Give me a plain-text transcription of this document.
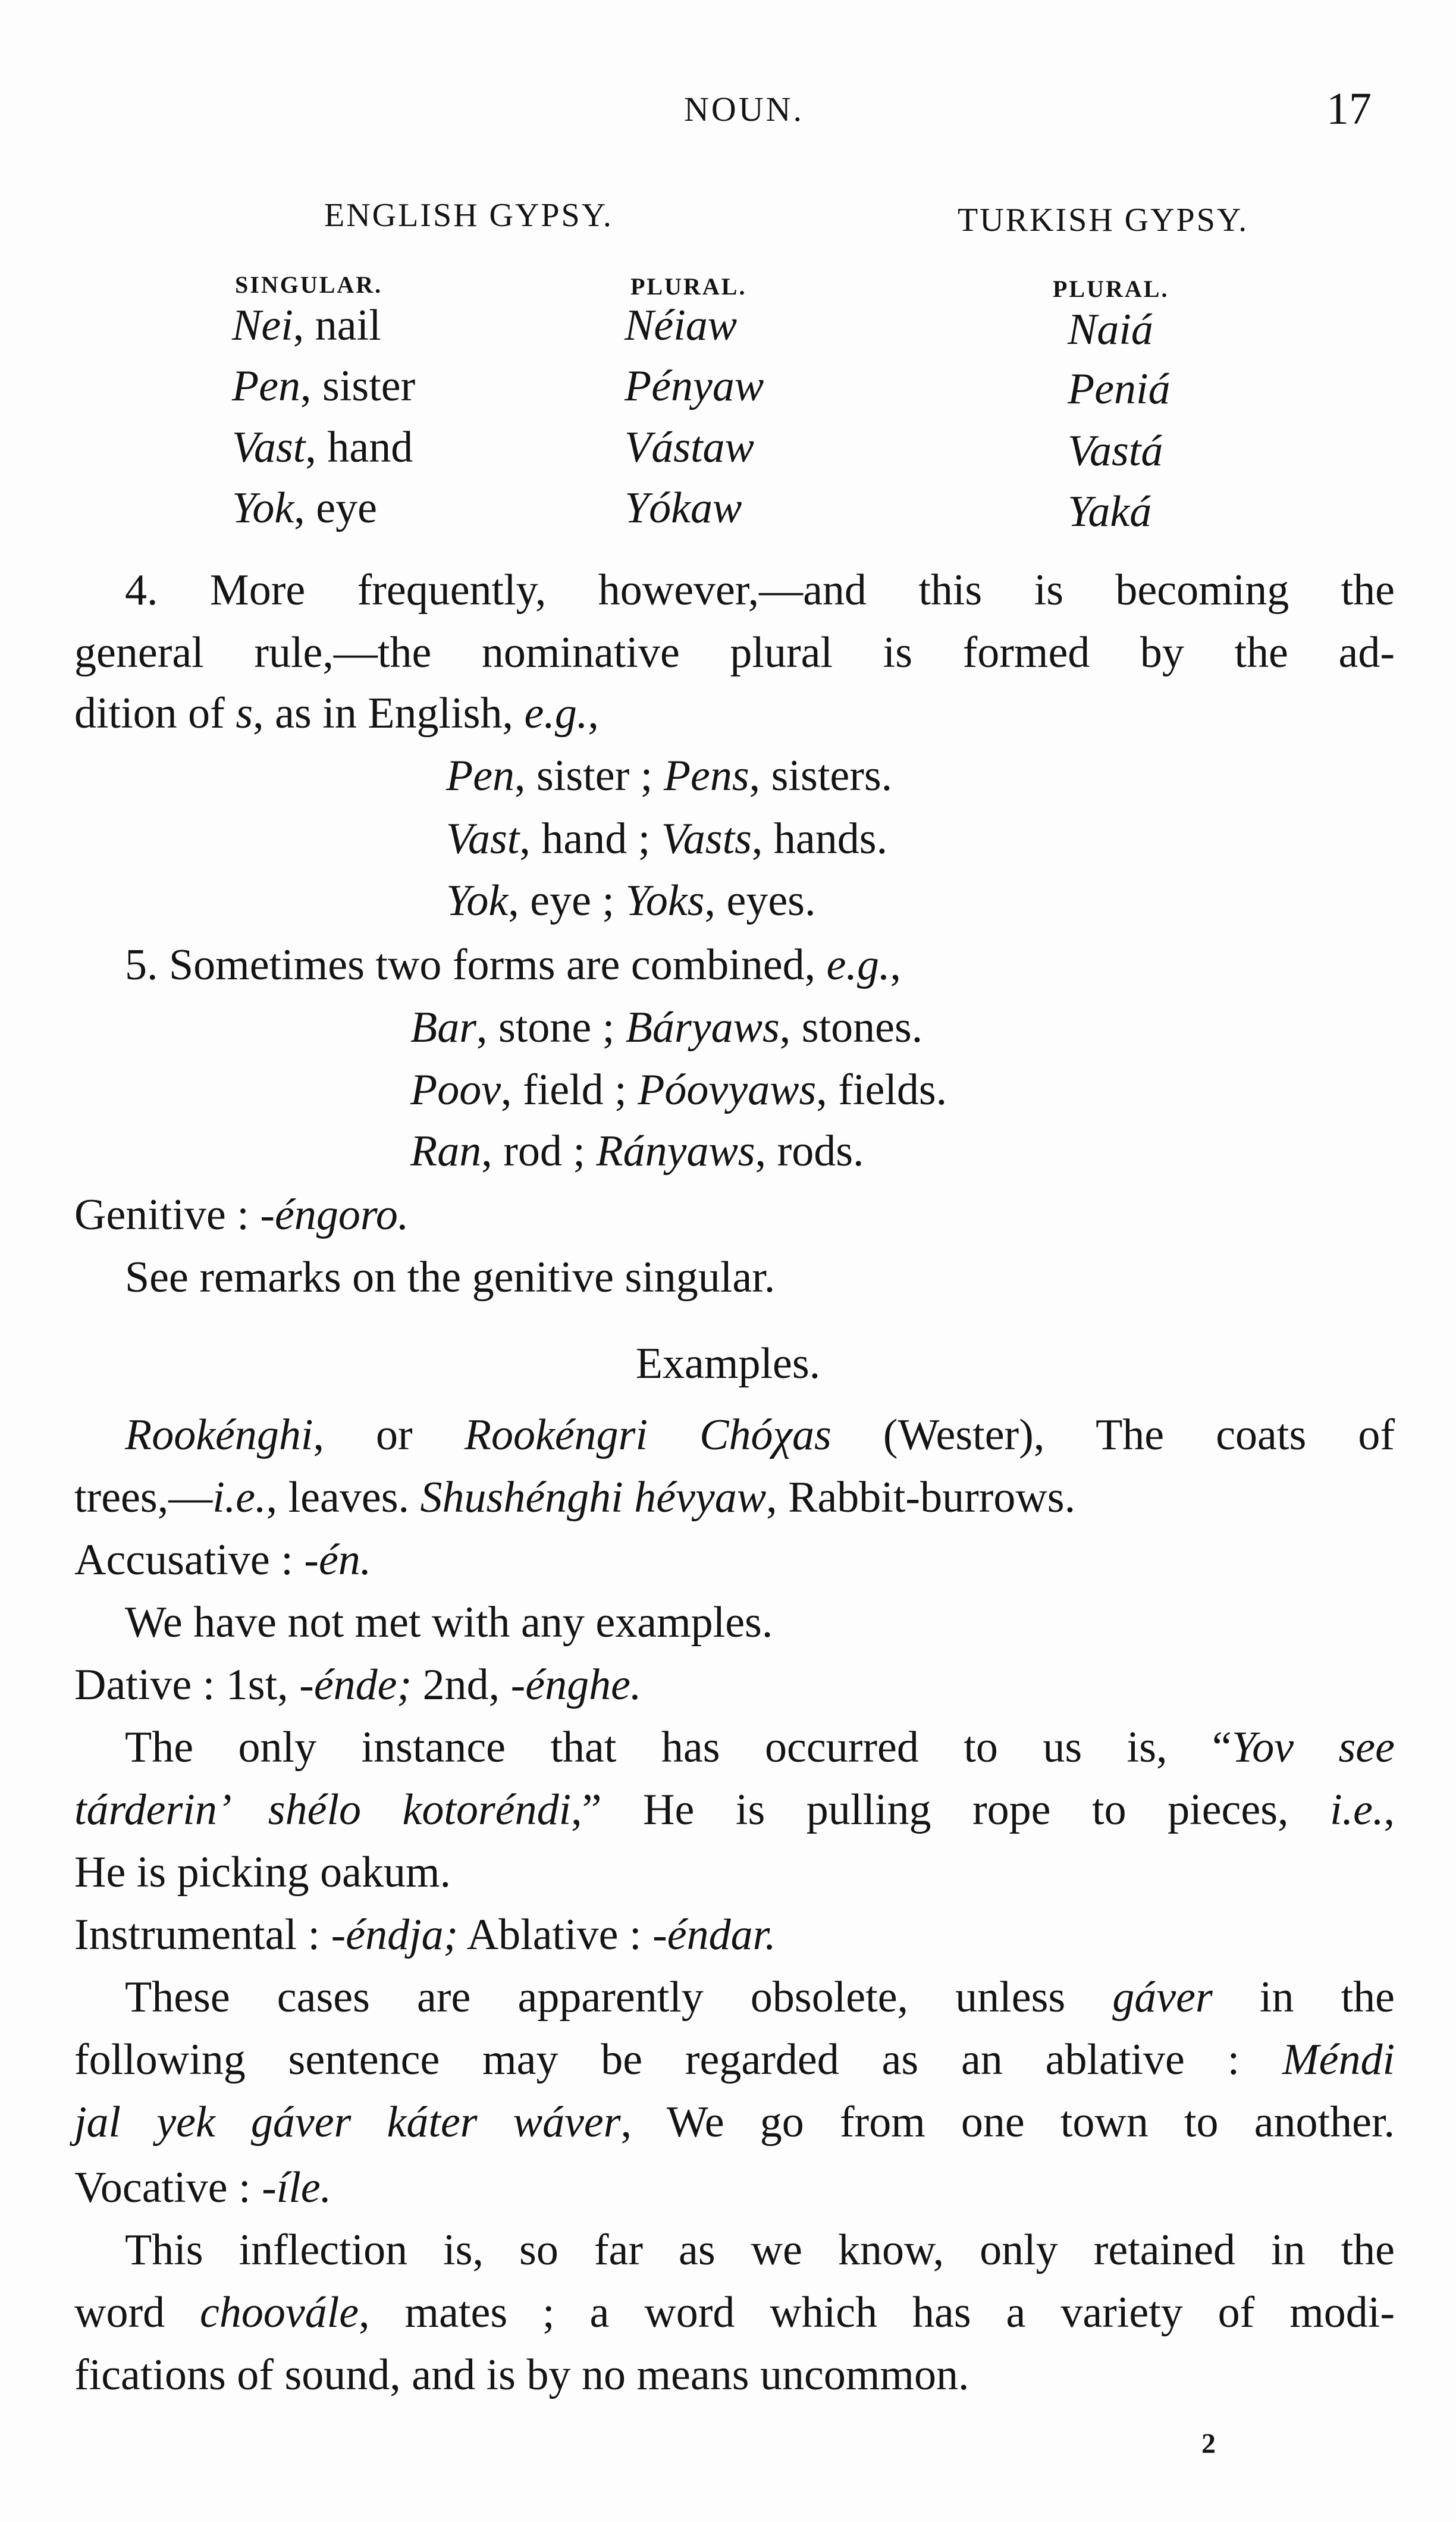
NOUN.	17
ENGLISH GYPSY.	TURKISH GYPSY.
SINGULAR.	PLURAL.	PLURAL.
Nei, nail	Néiaw	Naiá
Pen, sister	Pényaw	Peniá
Vast, hand	Vástaw	Vastá
Yok, eye	Yókaw	Yaká
4. More frequently, however,—and this is becoming the
general rule,—the nominative plural is formed by the ad-
dition of s, as in English, e.g.,
Pen, sister ; Pens, sisters.
Vast, hand ; Vasts, hands.
Yok, eye ; Yoks, eyes.
5. Sometimes two forms are combined, e.g.,
Bar, stone ; Báryaws, stones.
Poov, field ; Póovyaws, fields.
Ran, rod ; Rányaws, rods.
Genitive : -éngoro.
See remarks on the genitive singular.
Examples.
Rookénghi, or Rookéngri Chóχas (Wester), The coats of
trees,—i.e., leaves. Shushénghi hévyaw, Rabbit-burrows.
Accusative : -én.
We have not met with any examples.
Dative : 1st, -énde; 2nd, -énghe.
The only instance that has occurred to us is, “Yov see
tárderin’ shélo kotoréndi,” He is pulling rope to pieces, i.e.,
He is picking oakum.
Instrumental : -éndja; Ablative : -éndar.
These cases are apparently obsolete, unless gáver in the
following sentence may be regarded as an ablative : Méndi
jal yek gáver káter wáver, We go from one town to another.
Vocative : -íle.
This inflection is, so far as we know, only retained in the
word choovále, mates ; a word which has a variety of modi-
fications of sound, and is by no means uncommon.
2
